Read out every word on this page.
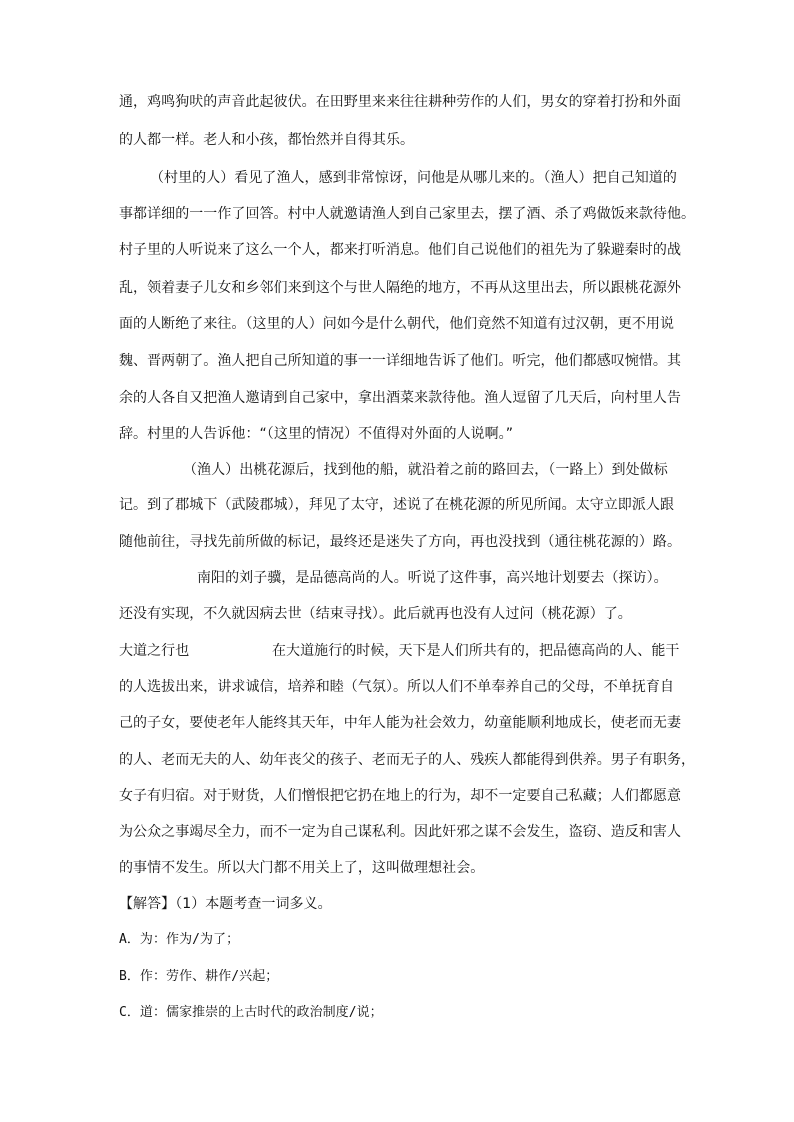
通，鸡鸣狗吠的声音此起彼伏。在田野里来来往往耕种劳作的人们，男女的穿着打扮和外面
的人都一样。老人和小孩，都怡然并自得其乐。
（村里的人）看见了渔人，感到非常惊讶，问他是从哪儿来的。（渔人）把自己知道的
事都详细的一一作了回答。村中人就邀请渔人到自己家里去，摆了酒、杀了鸡做饭来款待他。
村子里的人听说来了这么一个人，都来打听消息。他们自己说他们的祖先为了躲避秦时的战
乱，领着妻子儿女和乡邻们来到这个与世人隔绝的地方，不再从这里出去，所以跟桃花源外
面的人断绝了来往。（这里的人）问如今是什么朝代，他们竟然不知道有过汉朝，更不用说
魏、晋两朝了。渔人把自己所知道的事一一详细地告诉了他们。听完，他们都感叹惋惜。其
余的人各自又把渔人邀请到自己家中，拿出酒菜来款待他。渔人逗留了几天后，向村里人告
辞。村里的人告诉他：“（这里的情况）不值得对外面的人说啊。”
（渔人）出桃花源后，找到他的船，就沿着之前的路回去，（一路上）到处做标
记。到了郡城下（武陵郡城），拜见了太守，述说了在桃花源的所见所闻。太守立即派人跟
随他前往，寻找先前所做的标记，最终还是迷失了方向，再也没找到（通往桃花源的）路。
南阳的刘子骥，是品德高尚的人。听说了这件事，高兴地计划要去（探访）。
还没有实现，不久就因病去世（结束寻找）。此后就再也没有人过问（桃花源）了。
大道之行也	在大道施行的时候，天下是人们所共有的，把品德高尚的人、能干
的人选拔出来，讲求诚信，培养和睦（气氛）。所以人们不单奉养自己的父母，不单抚育自
己的子女，要使老年人能终其天年，中年人能为社会效力，幼童能顺利地成长，使老而无妻
的人、老而无夫的人、幼年丧父的孩子、老而无子的人、残疾人都能得到供养。男子有职务，
女子有归宿。对于财货，人们憎恨把它扔在地上的行为，却不一定要自己私藏；人们都愿意
为公众之事竭尽全力，而不一定为自己谋私利。因此奸邪之谋不会发生，盗窃、造反和害人
的事情不发生。所以大门都不用关上了，这叫做理想社会。
【解答】（1）本题考查一词多义。
A．为：作为/为了；
B．作：劳作、耕作/兴起；
C．道：儒家推崇的上古时代的政治制度/说；
